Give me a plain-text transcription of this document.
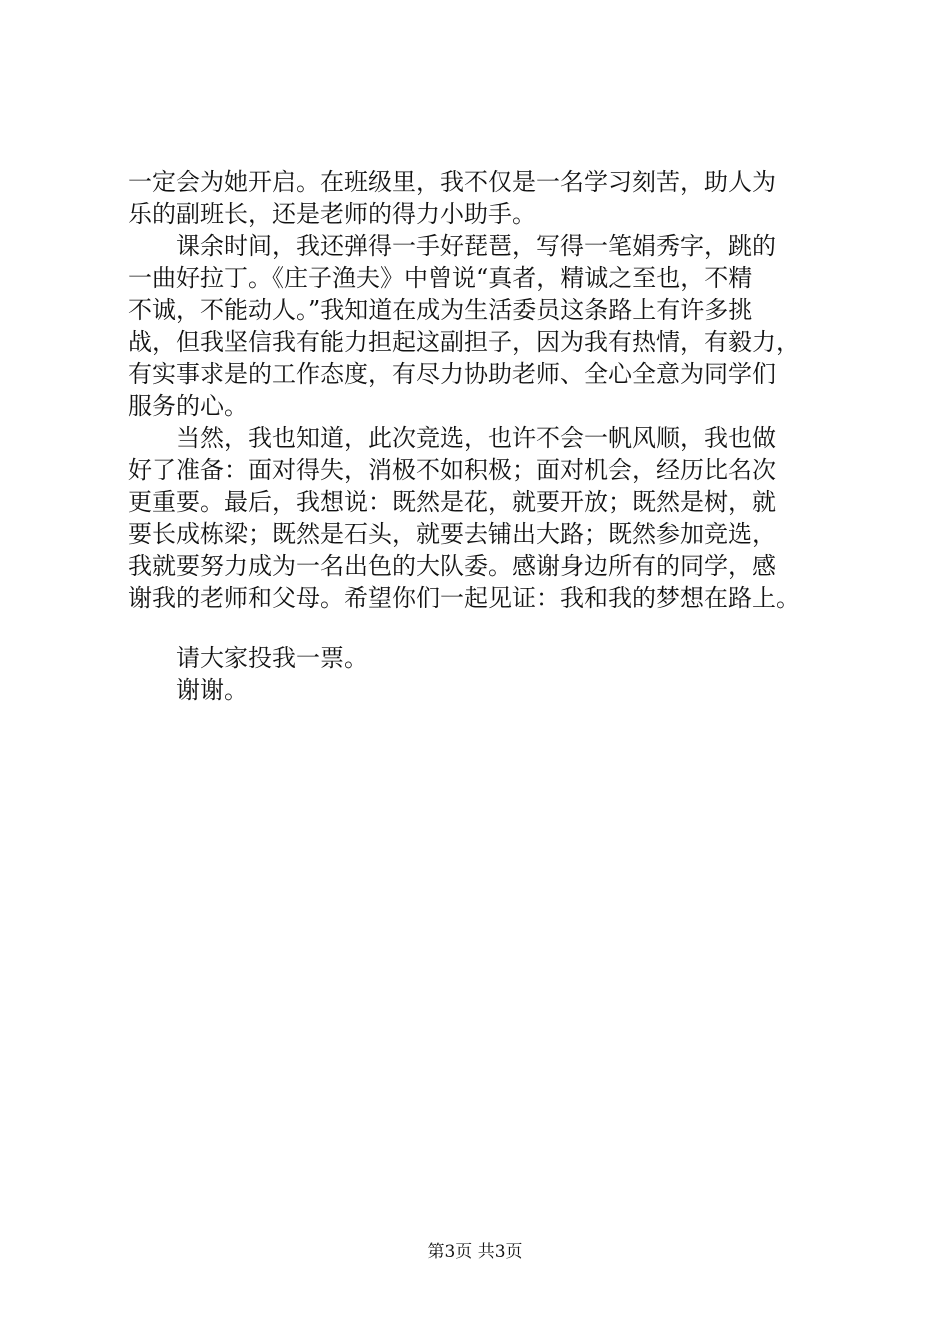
一定会为她开启。在班级里，我不仅是一名学习刻苦，助人为
乐的副班长，还是老师的得力小助手。
　　课余时间，我还弹得一手好琵琶，写得一笔娟秀字，跳的
一曲好拉丁。《庄子渔夫》中曾说“真者，精诚之至也，不精
不诚，不能动人。”我知道在成为生活委员这条路上有许多挑
战，但我坚信我有能力担起这副担子，因为我有热情，有毅力，
有实事求是的工作态度，有尽力协助老师、全心全意为同学们
服务的心。
　　当然，我也知道，此次竞选，也许不会一帆风顺，我也做
好了准备：面对得失，消极不如积极；面对机会，经历比名次
更重要。最后，我想说：既然是花，就要开放；既然是树，就
要长成栋梁；既然是石头，就要去铺出大路；既然参加竞选，
我就要努力成为一名出色的大队委。感谢身边所有的同学，感
谢我的老师和父母。希望你们一起见证：我和我的梦想在路上。
　　请大家投我一票。
　　谢谢。
第3页 共3页
